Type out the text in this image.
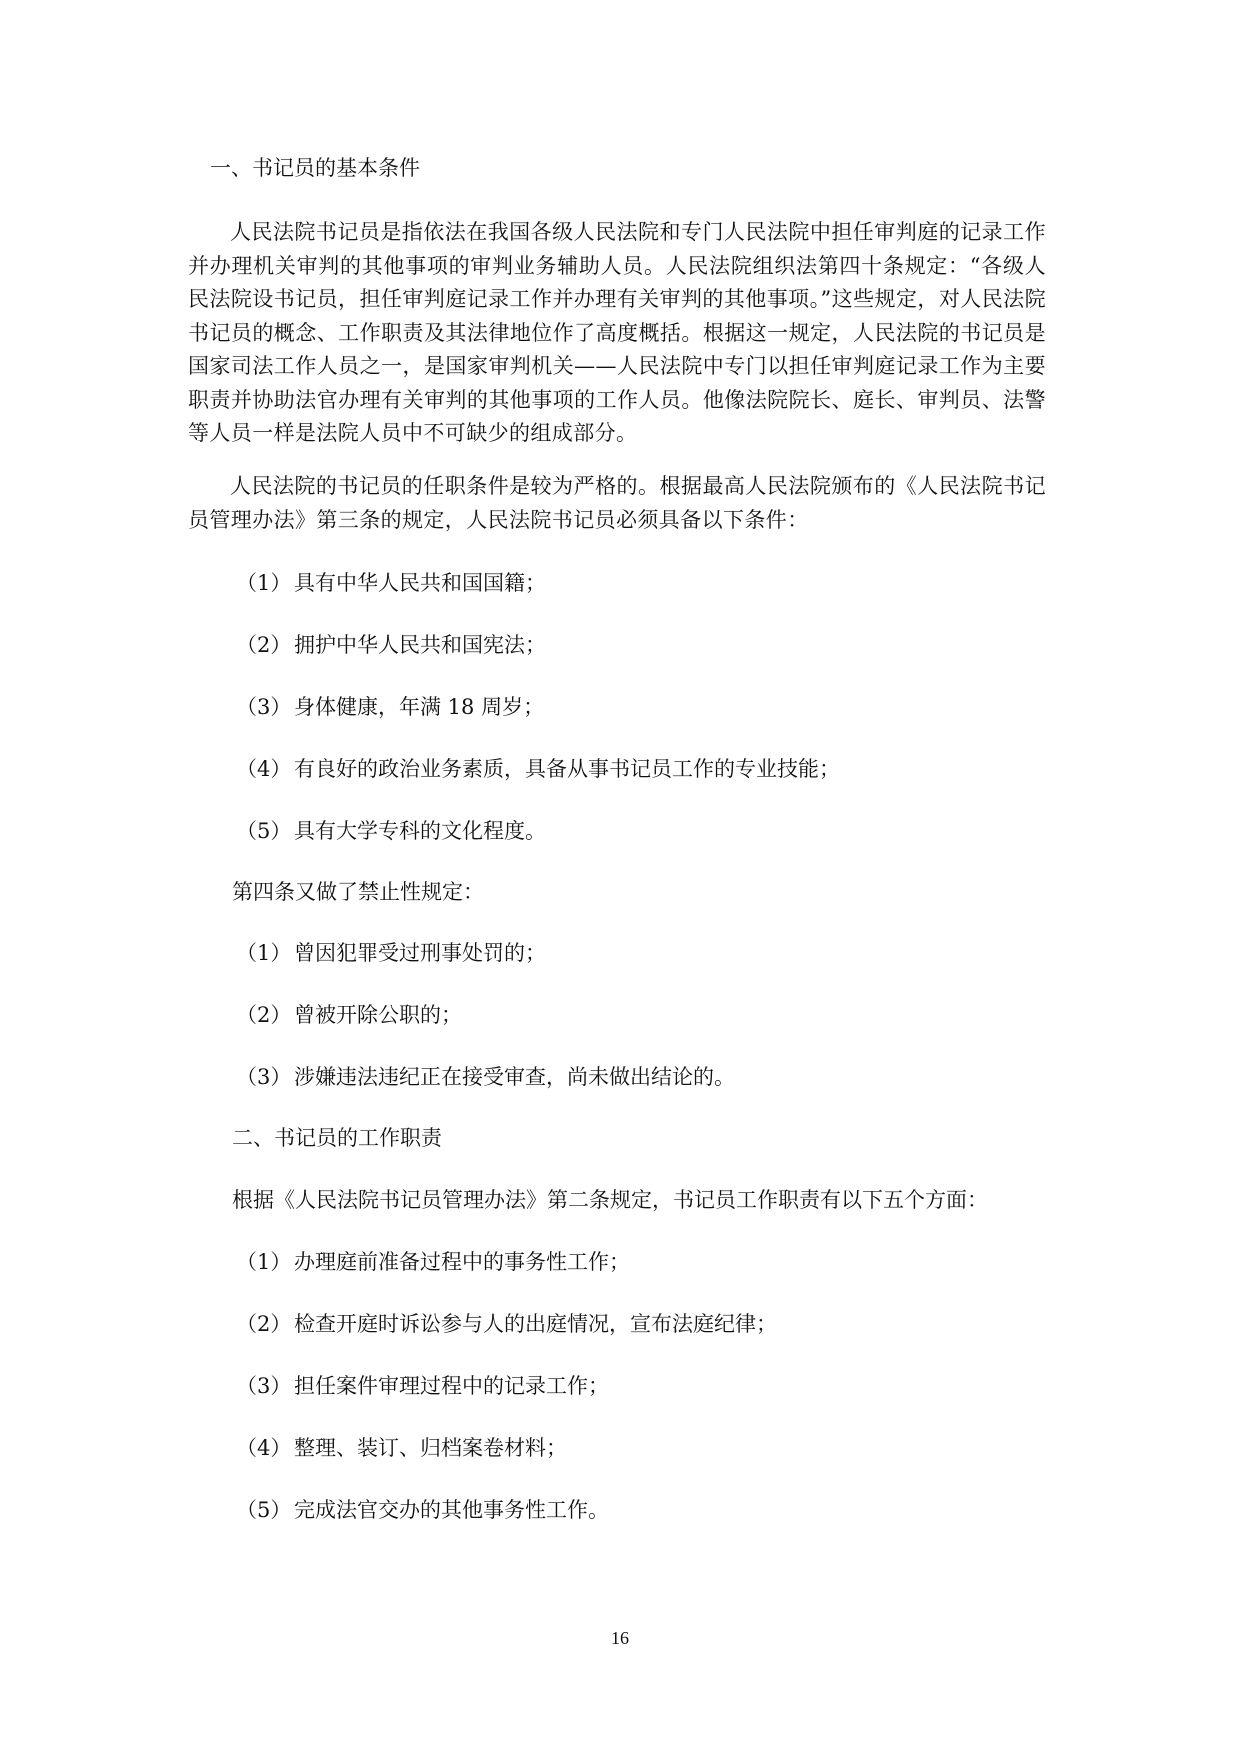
一、书记员的基本条件

人民法院书记员是指依法在我国各级人民法院和专门人民法院中担任审判庭的记录工作并办理机关审判的其他事项的审判业务辅助人员。人民法院组织法第四十条规定：“各级人民法院设书记员，担任审判庭记录工作并办理有关审判的其他事项。”这些规定，对人民法院书记员的概念、工作职责及其法律地位作了高度概括。根据这一规定，人民法院的书记员是国家司法工作人员之一，是国家审判机关——人民法院中专门以担任审判庭记录工作为主要职责并协助法官办理有关审判的其他事项的工作人员。他像法院院长、庭长、审判员、法警等人员一样是法院人员中不可缺少的组成部分。

人民法院的书记员的任职条件是较为严格的。根据最高人民法院颁布的《人民法院书记员管理办法》第三条的规定，人民法院书记员必须具备以下条件：

（1） 具有中华人民共和国国籍；

（2） 拥护中华人民共和国宪法；

（3） 身体健康，年满 18 周岁；

（4） 有良好的政治业务素质，具备从事书记员工作的专业技能；

（5） 具有大学专科的文化程度。

第四条又做了禁止性规定：

（1） 曾因犯罪受过刑事处罚的；

（2） 曾被开除公职的；

（3） 涉嫌违法违纪正在接受审查，尚未做出结论的。

二、书记员的工作职责

根据《人民法院书记员管理办法》第二条规定，书记员工作职责有以下五个方面：

（1） 办理庭前准备过程中的事务性工作；

（2） 检查开庭时诉讼参与人的出庭情况，宣布法庭纪律；

（3） 担任案件审理过程中的记录工作；

（4） 整理、装订、归档案卷材料；

（5） 完成法官交办的其他事务性工作。

16
